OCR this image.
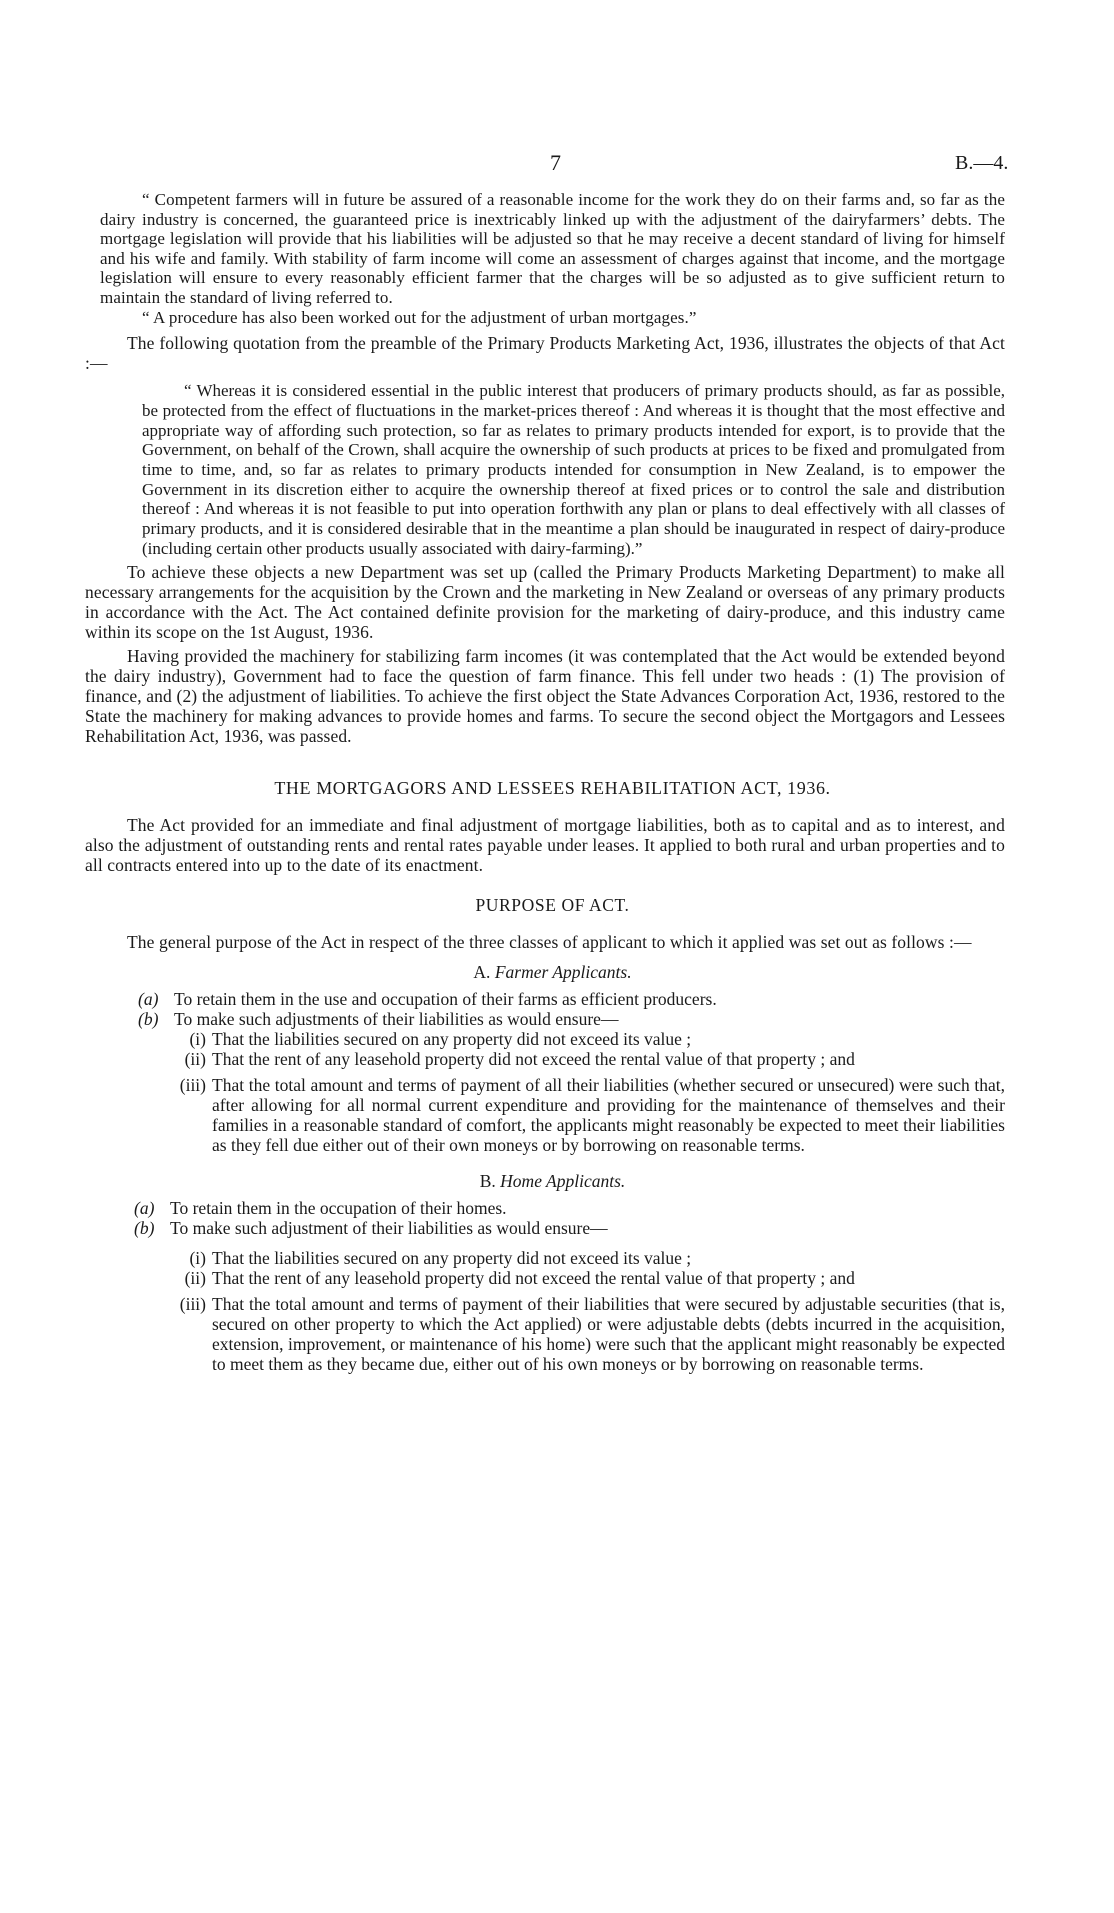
7	B.—4.

“ Competent farmers will in future be assured of a reasonable income for the work they do on their farms and, so far as the dairy industry is concerned, the guaranteed price is inextricably linked up with the adjustment of the dairyfarmers’ debts. The mortgage legislation will provide that his liabilities will be adjusted so that he may receive a decent standard of living for himself and his wife and family. With stability of farm income will come an assessment of charges against that income, and the mortgage legislation will ensure to every reasonably efficient farmer that the charges will be so adjusted as to give sufficient return to maintain the standard of living referred to.

“ A procedure has also been worked out for the adjustment of urban mortgages.”

The following quotation from the preamble of the Primary Products Marketing Act, 1936, illustrates the objects of that Act :—

“ Whereas it is considered essential in the public interest that producers of primary products should, as far as possible, be protected from the effect of fluctuations in the market-prices thereof : And whereas it is thought that the most effective and appropriate way of affording such protection, so far as relates to primary products intended for export, is to provide that the Government, on behalf of the Crown, shall acquire the ownership of such products at prices to be fixed and promulgated from time to time, and, so far as relates to primary products intended for consumption in New Zealand, is to empower the Government in its discretion either to acquire the ownership thereof at fixed prices or to control the sale and distribution thereof : And whereas it is not feasible to put into operation forthwith any plan or plans to deal effectively with all classes of primary products, and it is considered desirable that in the meantime a plan should be inaugurated in respect of dairy-produce (including certain other products usually associated with dairy-farming).”

To achieve these objects a new Department was set up (called the Primary Products Marketing Department) to make all necessary arrangements for the acquisition by the Crown and the marketing in New Zealand or overseas of any primary products in accordance with the Act. The Act contained definite provision for the marketing of dairy-produce, and this industry came within its scope on the 1st August, 1936.

Having provided the machinery for stabilizing farm incomes (it was contemplated that the Act would be extended beyond the dairy industry), Government had to face the question of farm finance. This fell under two heads : (1) The provision of finance, and (2) the adjustment of liabilities. To achieve the first object the State Advances Corporation Act, 1936, restored to the State the machinery for making advances to provide homes and farms. To secure the second object the Mortgagors and Lessees Rehabilitation Act, 1936, was passed.

THE MORTGAGORS AND LESSEES REHABILITATION ACT, 1936.

The Act provided for an immediate and final adjustment of mortgage liabilities, both as to capital and as to interest, and also the adjustment of outstanding rents and rental rates payable under leases. It applied to both rural and urban properties and to all contracts entered into up to the date of its enactment.

PURPOSE OF ACT.

The general purpose of the Act in respect of the three classes of applicant to which it applied was set out as follows :—

A. Farmer Applicants.

(a) To retain them in the use and occupation of their farms as efficient producers.
(b) To make such adjustments of their liabilities as would ensure—
(i) That the liabilities secured on any property did not exceed its value ;
(ii) That the rent of any leasehold property did not exceed the rental value of that property ; and
(iii) That the total amount and terms of payment of all their liabilities (whether secured or unsecured) were such that, after allowing for all normal current expenditure and providing for the maintenance of themselves and their families in a reasonable standard of comfort, the applicants might reasonably be expected to meet their liabilities as they fell due either out of their own moneys or by borrowing on reasonable terms.

B. Home Applicants.

(a) To retain them in the occupation of their homes.
(b) To make such adjustment of their liabilities as would ensure—
(i) That the liabilities secured on any property did not exceed its value ;
(ii) That the rent of any leasehold property did not exceed the rental value of that property ; and
(iii) That the total amount and terms of payment of their liabilities that were secured by adjustable securities (that is, secured on other property to which the Act applied) or were adjustable debts (debts incurred in the acquisition, extension, improvement, or maintenance of his home) were such that the applicant might reasonably be expected to meet them as they became due, either out of his own moneys or by borrowing on reasonable terms.
